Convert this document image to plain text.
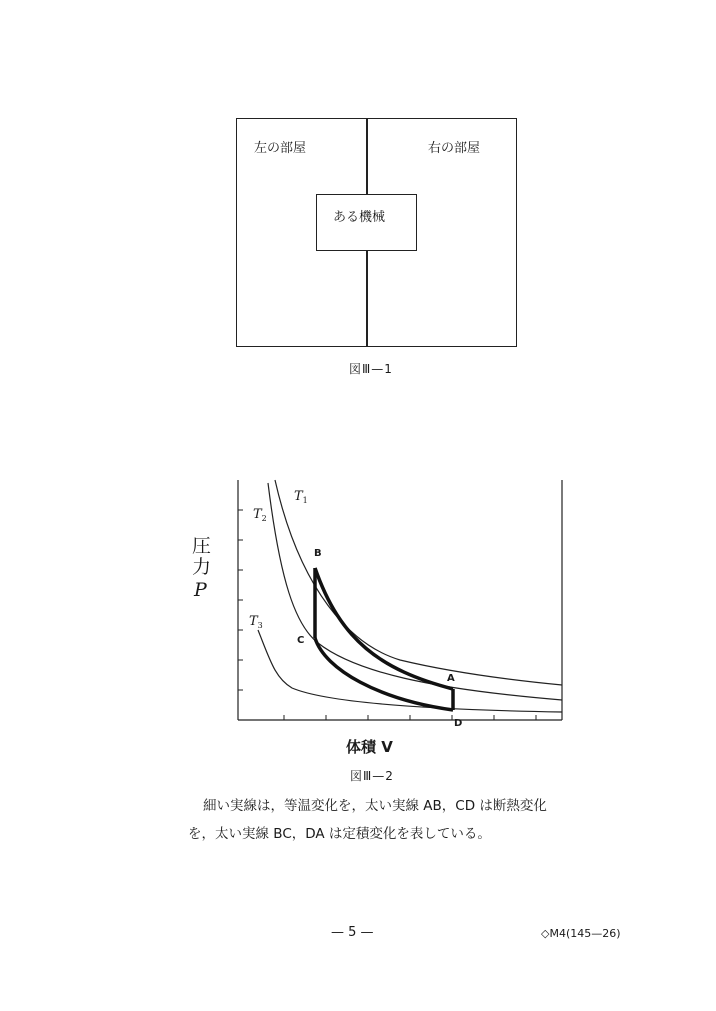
左の部屋	右の部屋
ある機械
図Ⅲ—1
$T_1$
$T_2$
$T_3$
B
C
A
D
圧
力
P
体積 V
図Ⅲ—2
細い実線は，等温変化を，太い実線 AB，CD は断熱変化
を，太い実線 BC，DA は定積変化を表している。
— 5 —	◇M4(145—26)
